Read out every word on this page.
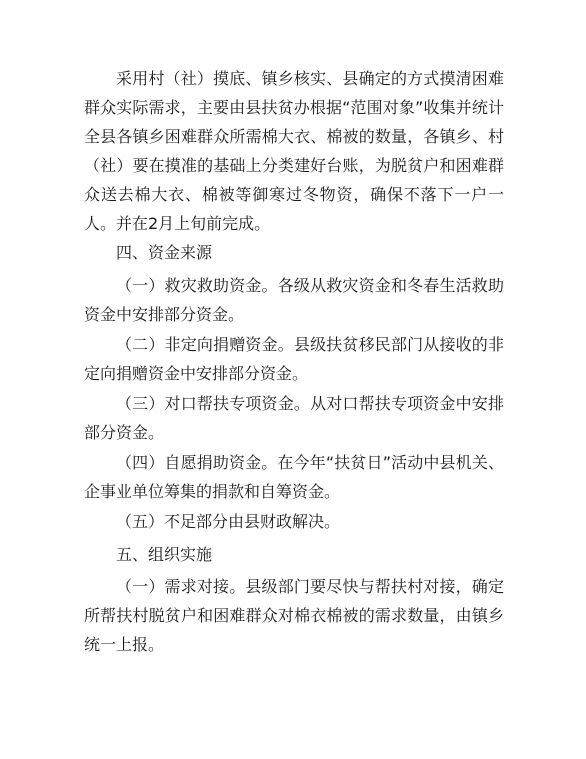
采用村（社）摸底、镇乡核实、县确定的方式摸清困难群众实际需求，主要由县扶贫办根据“范围对象”收集并统计全县各镇乡困难群众所需棉大衣、棉被的数量，各镇乡、村（社）要在摸准的基础上分类建好台账，为脱贫户和困难群众送去棉大衣、棉被等御寒过冬物资，确保不落下一户一人。并在2月上旬前完成。

四、资金来源

（一）救灾救助资金。各级从救灾资金和冬春生活救助资金中安排部分资金。

（二）非定向捐赠资金。县级扶贫移民部门从接收的非定向捐赠资金中安排部分资金。

（三）对口帮扶专项资金。从对口帮扶专项资金中安排部分资金。

（四）自愿捐助资金。在今年“扶贫日”活动中县机关、企事业单位筹集的捐款和自筹资金。

（五）不足部分由县财政解决。

五、组织实施

（一）需求对接。县级部门要尽快与帮扶村对接，确定所帮扶村脱贫户和困难群众对棉衣棉被的需求数量，由镇乡统一上报。
